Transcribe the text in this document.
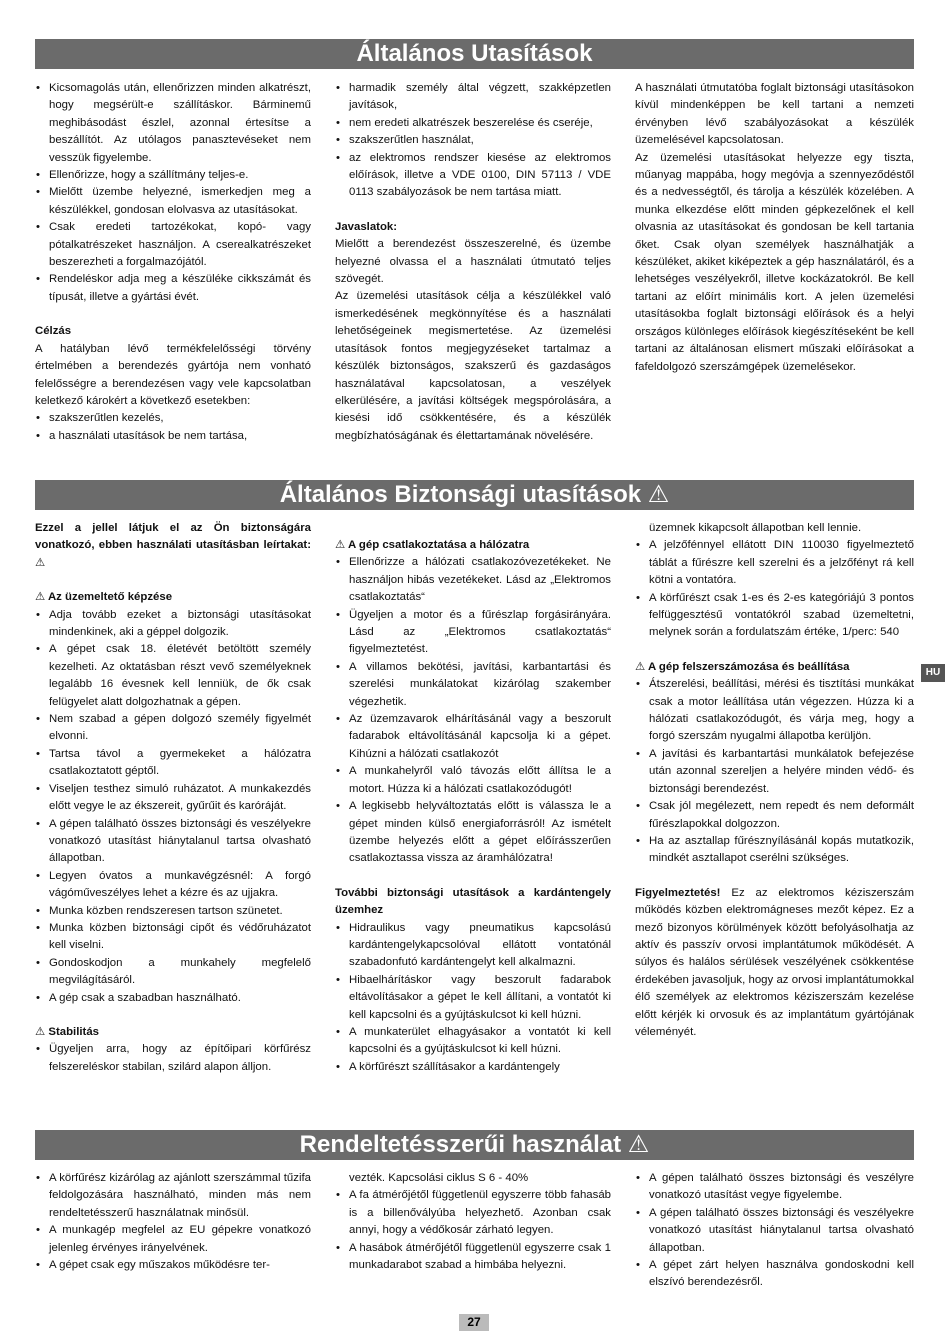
Általános Utasítások
• Kicsomagolás után, ellenőrizzen minden alkatrészt, hogy megsérült-e szállításkor. Bárminemű meghibásodást észlel, azonnal értesítse a beszállítót. Az utólagos panasztevéseket nem vesszük figyelembe.
• Ellenőrizze, hogy a szállítmány teljes-e.
• Mielőtt üzembe helyezné, ismerkedjen meg a készülékkel, gondosan elolvasva az utasításokat.
• Csak eredeti tartozékokat, kopó- vagy pótalkatrészeket használjon. A cserealkatrészeket beszerezheti a forgalmazójától.
• Rendeléskor adja meg a készüléke cikkszámát és típusát, illetve a gyártási évét.

Célzás

A hatályban lévő termékfelelősségi törvény értelmében a berendezés gyártója nem vonható felelősségre a berendezésen vagy vele kapcsolatban keletkező károkért a következő esetekben:

• szakszerűtlen kezelés,
• a használati utasítások be nem tartása,
• harmadik személy által végzett, szakképzetlen javítások,
• nem eredeti alkatrészek beszerelése és cseréje,
• szakszerűtlen használat,
• az elektromos rendszer kiesése az elektromos előírások, illetve a VDE 0100, DIN 57113 / VDE 0113 szabályozások be nem tartása miatt.

Javaslatok:

Mielőtt a berendezést összeszerelné, és üzembe helyezné olvassa el a használati útmutató teljes szövegét.

Az üzemelési utasítások célja a készülékkel való ismerkedésének megkönnyítése és a használati lehetőségeinek megismertetése. Az üzemelési utasítások fontos megjegyzéseket tartalmaz a készülék biztonságos, szakszerű és gazdaságos használatával kapcsolatosan, a veszélyek elkerülésére, a javítási költségek megspórolására, a kiesési idő csökkentésére, és a készülék megbízhatóságának és élettartamának növelésére.

A használati útmutatóba foglalt biztonsági utasításokon kívül mindenképpen be kell tartani a nemzeti érvényben lévő szabályozásokat a készülék üzemelésével kapcsolatosan.

Az üzemelési utasításokat helyezze egy tiszta, műanyag mappába, hogy megóvja a szennyeződéstől és a nedvességtől, és tárolja a készülék közelében. A munka elkezdése előtt minden gépkezelőnek el kell olvasnia az utasításokat és gondosan be kell tartania őket. Csak olyan személyek használhatják a készüléket, akiket kiképeztek a gép használatáról, és a lehetséges veszélyekről, illetve kockázatokról. Be kell tartani az előírt minimális kort. A jelen üzemelési utasításokba foglalt biztonsági előírások és a helyi országos különleges előírások kiegészítéseként be kell tartani az általánosan elismert műszaki előírásokat a fafeldolgozó szerszámgépek üzemelésekor.

Általános Biztonsági utasítások ⚠

Ezzel a jellel látjuk el az Ön biztonságára vonatkozó, ebben használati utasításban leírtakat: ⚠

⚠ Az üzemeltető képzése

• Adja tovább ezeket a biztonsági utasításokat mindenkinek, aki a géppel dolgozik.
• A gépet csak 18. életévét betöltött személy kezelheti. Az oktatásban részt vevő személyeknek legalább 16 évesnek kell lenniük, de ők csak felügyelet alatt dolgozhatnak a gépen.
• Nem szabad a gépen dolgozó személy figyelmét elvonni.
• Tartsa távol a gyermekeket a hálózatra csatlakoztatott géptől.
• Viseljen testhez simuló ruházatot. A munkakezdés előtt vegye le az ékszereit, gyűrűit és karóráját.
• A gépen található összes biztonsági és veszélyekre vonatkozó utasítást hiánytalanul tartsa olvasható állapotban.
• Legyen óvatos a munkavégzésnél: A forgó vágóműveszélyes lehet a kézre és az ujjakra.
• Munka közben rendszeresen tartson szünetet.
• Munka közben biztonsági cipőt és védőruházatot kell viselni.
• Gondoskodjon a munkahely megfelelő megvilágításáról.
• A gép csak a szabadban használható.

⚠ Stabilitás

• Ügyeljen arra, hogy az építőipari körfűrész felszereléskor stabilan, szilárd alapon álljon.

⚠ A gép csatlakoztatása a hálózatra

• Ellenőrizze a hálózati csatlakozóvezetékeket. Ne használjon hibás vezetékeket. Lásd az „Elektromos csatlakoztatás“
• Ügyeljen a motor és a fűrészlap forgásirányára. Lásd az „Elektromos csatlakoztatás“ figyelmeztetést.
• A villamos bekötési, javítási, karbantartási és szerelési munkálatokat kizárólag szakember végezhetik.
• Az üzemzavarok elhárításánál vagy a beszorult fadarabok eltávolításánál kapcsolja ki a gépet. Kihúzni a hálózati csatlakozót
• A munkahelyről való távozás előtt állítsa le a motort. Húzza ki a hálózati csatlakozódugót!
• A legkisebb helyváltoztatás előtt is válassza le a gépet minden külső energiaforrásról! Az ismételt üzembe helyezés előtt a gépet előírásszerűen csatlakoztassa vissza az áramhálózatra!

További biztonsági utasítások a kardántengely üzemhez

• Hidraulikus vagy pneumatikus kapcsolású kardántengelykapcsolóval ellátott vontatónál szabadonfutó kardántengelyt kell alkalmazni.
• Hibaelhárításkor vagy beszorult fadarabok eltávolításakor a gépet le kell állítani, a vontatót ki kell kapcsolni és a gyújtáskulcsot ki kell húzni.
• A munkaterület elhagyásakor a vontatót ki kell kapcsolni és a gyújtáskulcsot ki kell húzni.
• A körfűrészt szállításakor a kardántengely

üzemnek kikapcsolt állapotban kell lennie.

• A jelzőfénnyel ellátott DIN 110030 figyelmeztető táblát a fűrészre kell szerelni és a jelzőfényt rá kell kötni a vontatóra.
• A körfűrészt csak 1-es és 2-es kategóriájú 3 pontos felfüggesztésű vontatókról szabad üzemeltetni, melynek során a fordulatszám értéke, 1/perc: 540

⚠ A gép felszerszámozása és beállítása

• Átszerelési, beállítási, mérési és tisztítási munkákat csak a motor leállítása után végezzen. Húzza ki a hálózati csatlakozódugót, és várja meg, hogy a forgó szerszám nyugalmi állapotba kerüljön.
• A javítási és karbantartási munkálatok befejezése után azonnal szereljen a helyére minden védő- és biztonsági berendezést.
• Csak jól megélezett, nem repedt és nem deformált fűrészlapokkal dolgozzon.
• Ha az asztallap fűrésznyílásánál kopás mutatkozik, mindkét asztallapot cserélni szükséges.

Figyelmeztetés! Ez az elektromos kéziszerszám működés közben elektromágneses mezőt képez. Ez a mező bizonyos körülmények között befolyásolhatja az aktív és passzív orvosi implantátumok működését. A súlyos és halálos sérülések veszélyének csökkentése érdekében javasoljuk, hogy az orvosi implantátumokkal élő személyek az elektromos kéziszerszám kezelése előtt kérjék ki orvosuk és az implantátum gyártójának véleményét.

HU
Rendeltetésszerűi használat ⚠
• A körfűrész kizárólag az ajánlott szerszámmal tűzifa feldolgozására használható, minden más nem rendeltetésszerű használatnak minősül.
• A munkagép megfelel az EU gépekre vonatkozó jelenleg érvényes irányelvének.
• A gépet csak egy műszakos működésre ter-

vezték. Kapcsolási ciklus S 6 - 40%

• A fa átmérőjétől függetlenül egyszerre több fahasáb is a billenővályúba helyezhető. Azonban csak annyi, hogy a védőkosár zárható legyen.
• A hasábok átmérőjétől függetlenül egyszerre csak 1 munkadarabot szabad a himbába helyezni.
• A gépen található összes biztonsági és veszélyre vonatkozó utasítást vegye figyelembe.
• A gépen található összes biztonsági és veszélyekre vonatkozó utasítást hiánytalanul tartsa olvasható állapotban.
• A gépet zárt helyen használva gondoskodni kell elszívó berendezésről.
27
